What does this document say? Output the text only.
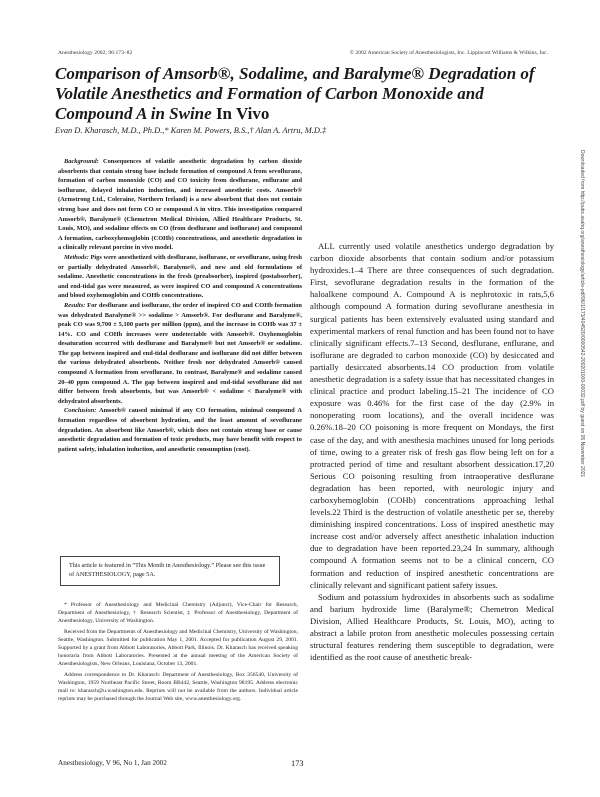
Anesthesiology 2002; 96:173–82	© 2002 American Society of Anesthesiologists, Inc. Lippincott Williams & Wilkins, Inc.
Comparison of Amsorb®, Sodalime, and Baralyme® Degradation of Volatile Anesthetics and Formation of Carbon Monoxide and Compound A in Swine In Vivo
Evan D. Kharasch, M.D., Ph.D.,* Karen M. Powers, B.S.,† Alan A. Artru, M.D.‡

Background: Consequences of volatile anesthetic degradation by carbon dioxide absorbents that contain strong base include formation of compound A from sevoflurane, formation of carbon monoxide (CO) and CO toxicity from desflurane, enflurane and isoflurane, delayed inhalation induction, and increased anesthetic costs. Amsorb® (Armstrong Ltd., Coleraine, Northern Ireland) is a new absorbent that does not contain strong base and does not form CO or compound A in vitro. This investigation compared Amsorb®, Baralyme® (Chemetron Medical Division, Allied Healthcare Products, St. Louis, MO), and sodalime effects on CO (from desflurane and isoflurane) and compound A formation, carboxyhemoglobin (COHb) concentrations, and anesthetic degradation in a clinically relevant porcine in vivo model.

Methods: Pigs were anesthetized with desflurane, isoflurane, or sevoflurane, using fresh or partially dehydrated Amsorb®, Baralyme®, and new and old formulations of sodalime. Anesthetic concentrations in the fresh (preabsorber), inspired (postabsorber), and end-tidal gas were measured, as were inspired CO and compound A concentrations and blood oxyhemoglobin and COHb concentrations.

Results: For desflurane and isoflurane, the order of inspired CO and COHb formation was dehydrated Baralyme® >> sodalime > Amsorb®. For desflurane and Baralyme®, peak CO was 9,700 ± 5,100 parts per million (ppm), and the increase in COHb was 37 ± 14%. CO and COHb increases were undetectable with Amsorb®. Oxyhemoglobin desaturation occurred with desflurane and Baralyme® but not Amsorb® or sodalime. The gap between inspired and end-tidal desflurane and isoflurane did not differ between the various dehydrated absorbents. Neither fresh nor dehydrated Amsorb® caused compound A formation from sevoflurane. In contrast, Baralyme® and sodalime caused 20–40 ppm compound A. The gap between inspired and end-tidal sevoflurane did not differ between fresh absorbents, but was Amsorb® < sodalime < Baralyme® with dehydrated absorbents.

Conclusion: Amsorb® caused minimal if any CO formation, minimal compound A formation regardless of absorbent hydration, and the least amount of sevoflurane degradation. An absorbent like Amsorb®, which does not contain strong base or cause anesthetic degradation and formation of toxic products, may have benefit with respect to patient safety, inhalation induction, and anesthetic consumption (cost).

This article is featured in “This Month in Anesthesiology.” Please see this issue of ANESTHESIOLOGY, page 5A.

* Professor of Anesthesiology and Medicinal Chemistry (Adjunct), Vice-Chair for Research, Department of Anesthesiology, † Research Scientist, ‡ Professor of Anesthesiology, Department of Anesthesiology, University of Washington.

Received from the Departments of Anesthesiology and Medicinal Chemistry, University of Washington, Seattle, Washington. Submitted for publication May 1, 2001. Accepted for publication August 29, 2001. Supported by a grant from Abbott Laboratories, Abbott Park, Illinois. Dr. Kharasch has received speaking honoraria from Abbott Laboratories. Presented at the annual meeting of the American Society of Anesthesiologists, New Orleans, Louisiana, October 13, 2001.

Address correspondence to Dr. Kharasch: Department of Anesthesiology, Box 356540, University of Washington, 1959 Northeast Pacific Street, Room BB442, Seattle, Washington 98195. Address electronic mail to: kharasch@u.washington.edu. Reprints will not be available from the authors. Individual article reprints may be purchased through the Journal Web site, www.anesthesiology.org.

ALL currently used volatile anesthetics undergo degradation by carbon dioxide absorbents that contain sodium and/or potassium hydroxides.1–4 There are three consequences of such degradation. First, sevoflurane degradation results in the formation of the haloalkene compound A. Compound A is nephrotoxic in rats,5,6 although compound A formation during sevoflurane anesthesia in surgical patients has been extensively evaluated using standard and experimental markers of renal function and has been found not to have clinically significant effects.7–13 Second, desflurane, enflurane, and isoflurane are degraded to carbon monoxide (CO) by desiccated and partially desiccated absorbents.14 CO production from volatile anesthetic degradation is a safety issue that has necessitated changes in clinical practice and product labeling.15–21 The incidence of CO exposure was 0.46% for the first case of the day (2.9% in nonoperating room locations), and the overall incidence was 0.26%.18–20 CO poisoning is more frequent on Mondays, the first case of the day, and with anesthesia machines unused for long periods of time, owing to a greater risk of fresh gas flow being left on for a protracted period of time and resultant absorbent dessication.17,20 Serious CO poisoning resulting from intraoperative desflurane degradation has been reported, with neurologic injury and carboxyhemoglobin (COHb) concentrations approaching lethal levels.22 Third is the destruction of volatile anesthetic per se, thereby diminishing inspired concentrations. Loss of inspired anesthetic may increase cost and/or adversely affect anesthetic inhalation induction due to degradation have been reported.23,24 In summary, although compound A formation seems not to be a clinical concern, CO formation and reduction of inspired anesthetic concentrations are clinically relevant and significant patient safety issues.

Sodium and potassium hydroxides in absorbents such as sodalime and barium hydroxide lime (Baralyme®; Chemetron Medical Division, Allied Healthcare Products, St. Louis, MO), acting to abstract a labile proton from anesthetic molecules possessing certain structural features rendering them susceptible to degradation, were identified as the root cause of anesthetic break-

Downloaded from http://pubs.asahq.org/anesthesiology/article-pdf/96/1/173/404520/0000542-200201000-00032.pdf by guest on 05 November 2021
Anesthesiology, V 96, No 1, Jan 2002	173
